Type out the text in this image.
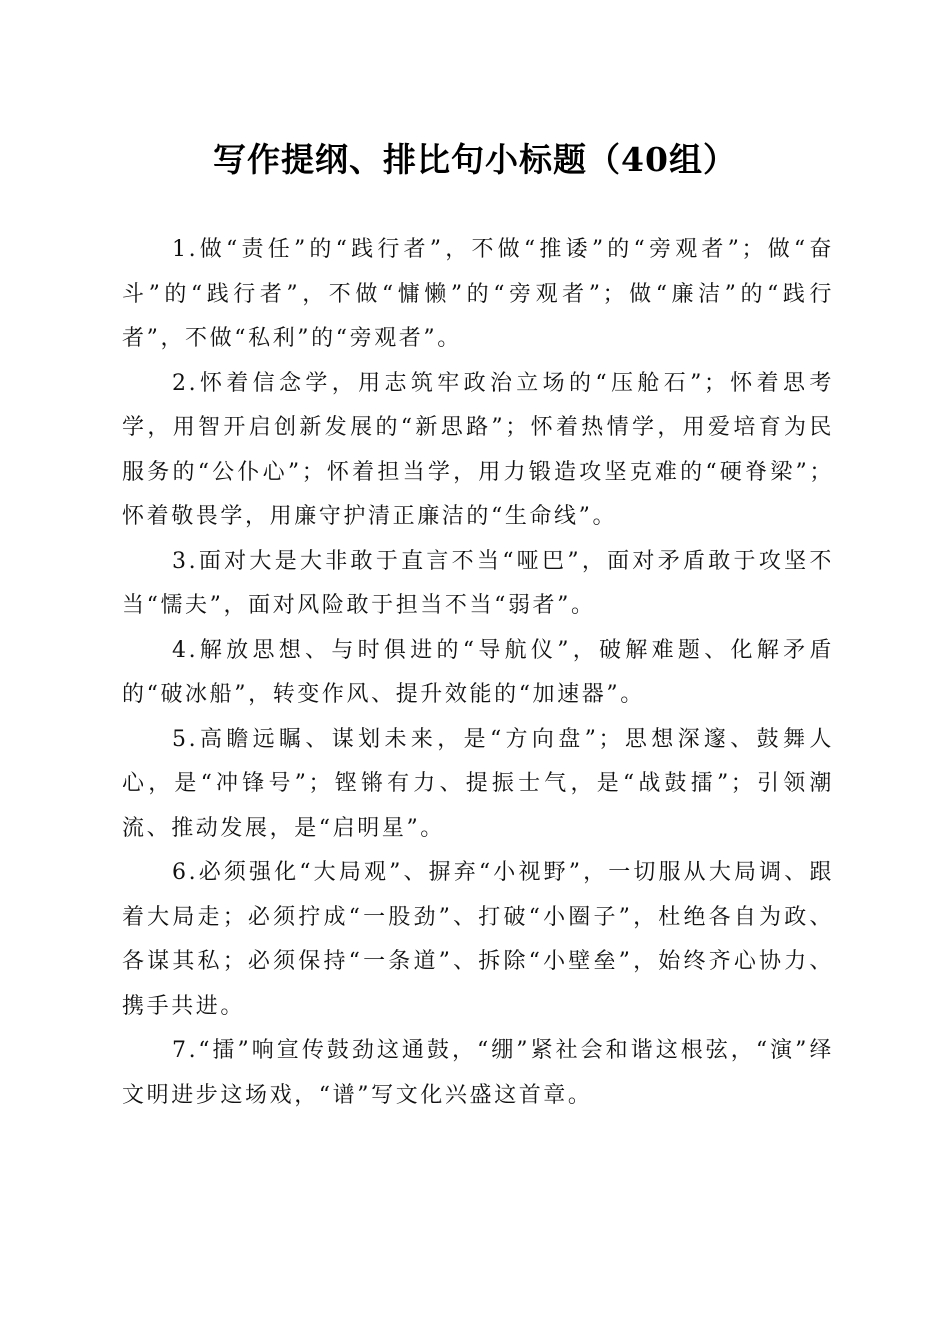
写作提纲、排比句小标题（40组）

1.做“责任”的“践行者”，不做“推诿”的“旁观者”；做“奋斗”的“践行者”，不做“慵懒”的“旁观者”；做“廉洁”的“践行者”，不做“私利”的“旁观者”。

2.怀着信念学，用志筑牢政治立场的“压舱石”；怀着思考学，用智开启创新发展的“新思路”；怀着热情学，用爱培育为民服务的“公仆心”；怀着担当学，用力锻造攻坚克难的“硬脊梁”；怀着敬畏学，用廉守护清正廉洁的“生命线”。

3.面对大是大非敢于直言不当“哑巴”，面对矛盾敢于攻坚不当“懦夫”，面对风险敢于担当不当“弱者”。

4.解放思想、与时俱进的“导航仪”，破解难题、化解矛盾的“破冰船”，转变作风、提升效能的“加速器”。

5.高瞻远瞩、谋划未来，是“方向盘”；思想深邃、鼓舞人心，是“冲锋号”；铿锵有力、提振士气，是“战鼓擂”；引领潮流、推动发展，是“启明星”。

6.必须强化“大局观”、摒弃“小视野”，一切服从大局调、跟着大局走；必须拧成“一股劲”、打破“小圈子”，杜绝各自为政、各谋其私；必须保持“一条道”、拆除“小壁垒”，始终齐心协力、携手共进。

7.“擂”响宣传鼓劲这通鼓，“绷”紧社会和谐这根弦，“演”绎文明进步这场戏，“谱”写文化兴盛这首章。
